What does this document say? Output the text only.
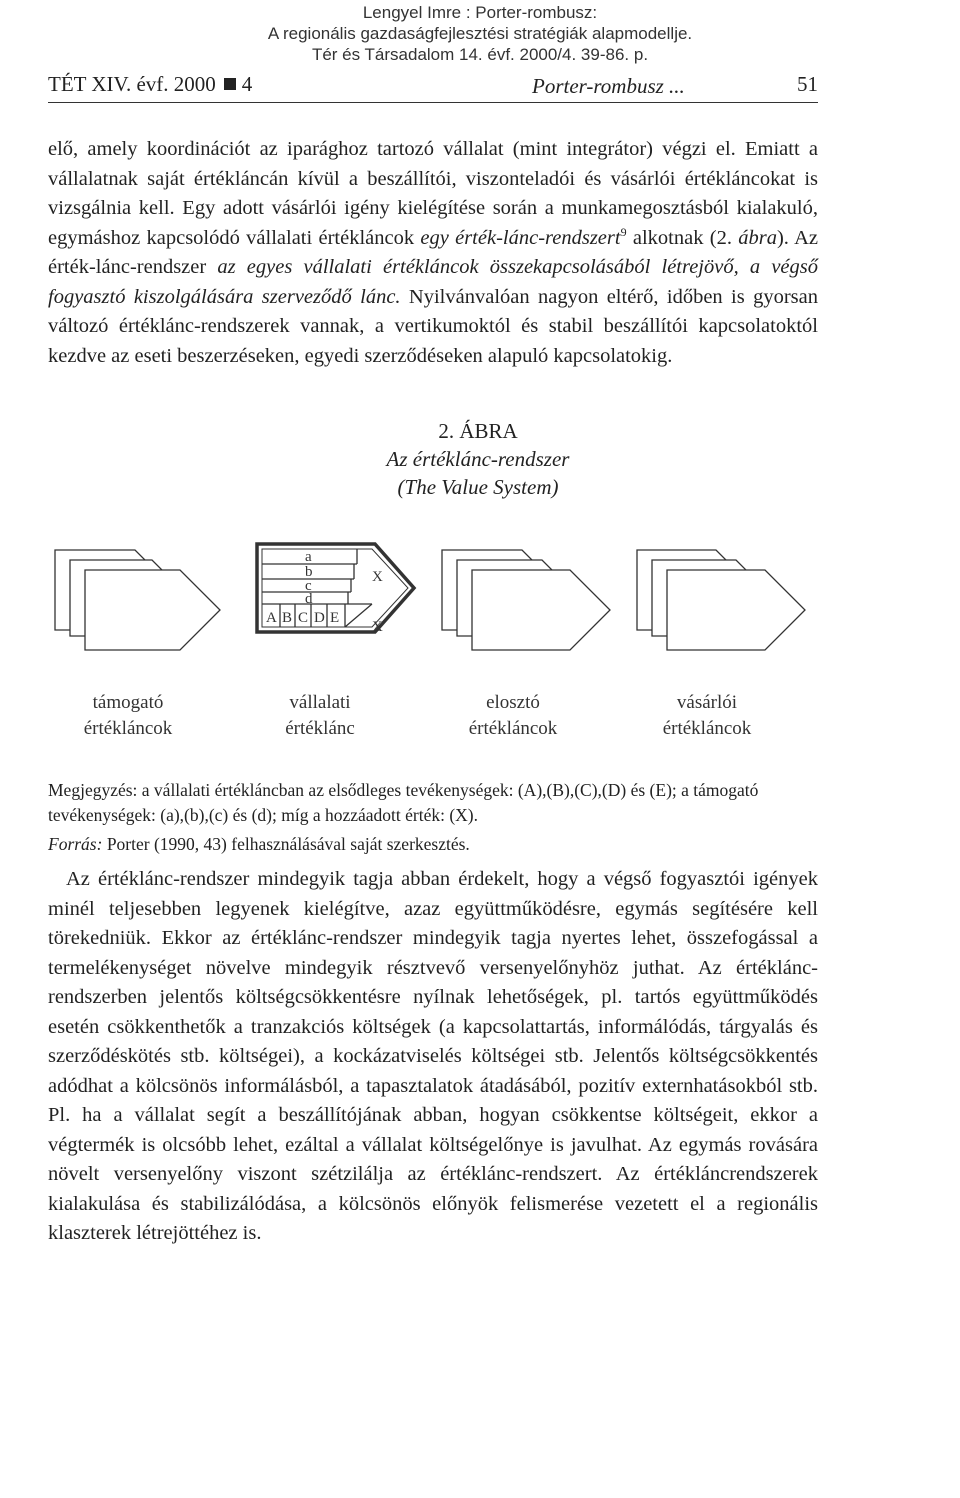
Lengyel Imre : Porter-rombusz:
A regionális gazdaságfejlesztési stratégiák alapmodellje.
Tér és Társadalom 14. évf. 2000/4. 39-86. p.
TÉT XIV. évf. 2000 4	Porter-rombusz ...	51

elő, amely koordinációt az iparághoz tartozó vállalat (mint integrátor) végzi el. Emiatt a vállalatnak saját értékláncán kívül a beszállítói, viszonteladói és vásárlói értékláncokat is vizsgálnia kell. Egy adott vásárlói igény kielégítése során a munkamegosztásból kialakuló, egymáshoz kapcsolódó vállalati értékláncok egy érték-lánc-rendszert$^9$ alkotnak (2. ábra). Az érték-lánc-rendszer az egyes vállalati értékláncok összekapcsolásából létrejövő, a végső fogyasztó kiszolgálására szerveződő lánc. Nyilvánvalóan nagyon eltérő, időben is gyorsan változó értéklánc-rendszerek vannak, a vertikumoktól és stabil beszállítói kapcsolatoktól kezdve az eseti beszerzéseken, egyedi szerződéseken alapuló kapcsolatokig.

2. ÁBRA
Az értéklánc-rendszer
(The Value System)
a
b
c
d
A B C D E
X
X
támogató
értékláncok
vállalati
értéklánc
elosztó
értékláncok
vásárlói
értékláncok

Megjegyzés: a vállalati értékláncban az elsődleges tevékenységek: (A),(B),(C),(D) és (E); a támogató tevékenységek: (a),(b),(c) és (d); míg a hozzáadott érték: (X).

Forrás: Porter (1990, 43) felhasználásával saját szerkesztés.

Az értéklánc-rendszer mindegyik tagja abban érdekelt, hogy a végső fogyasztói igények minél teljesebben legyenek kielégítve, azaz együttműködésre, egymás segítésére kell törekedniük. Ekkor az értéklánc-rendszer mindegyik tagja nyertes lehet, összefogással a termelékenységet növelve mindegyik résztvevő versenyelőnyhöz juthat. Az értéklánc-rendszerben jelentős költségcsökkentésre nyílnak lehetőségek, pl. tartós együttműködés esetén csökkenthetők a tranzakciós költségek (a kapcsolattartás, informálódás, tárgyalás és szerződéskötés stb. költségei), a kockázatviselés költségei stb. Jelentős költségcsökkentés adódhat a kölcsönös informálásból, a tapasztalatok átadásából, pozitív externhatásokból stb. Pl. ha a vállalat segít a beszállítójának abban, hogyan csökkentse költségeit, ekkor a végtermék is olcsóbb lehet, ezáltal a vállalat költségelőnye is javulhat. Az egymás rovására növelt versenyelőny viszont szétzilálja az értéklánc-rendszert. Az értékláncrendszerek kialakulása és stabilizálódása, a kölcsönös előnyök felismerése vezetett el a regionális klaszterek létrejöttéhez is.
